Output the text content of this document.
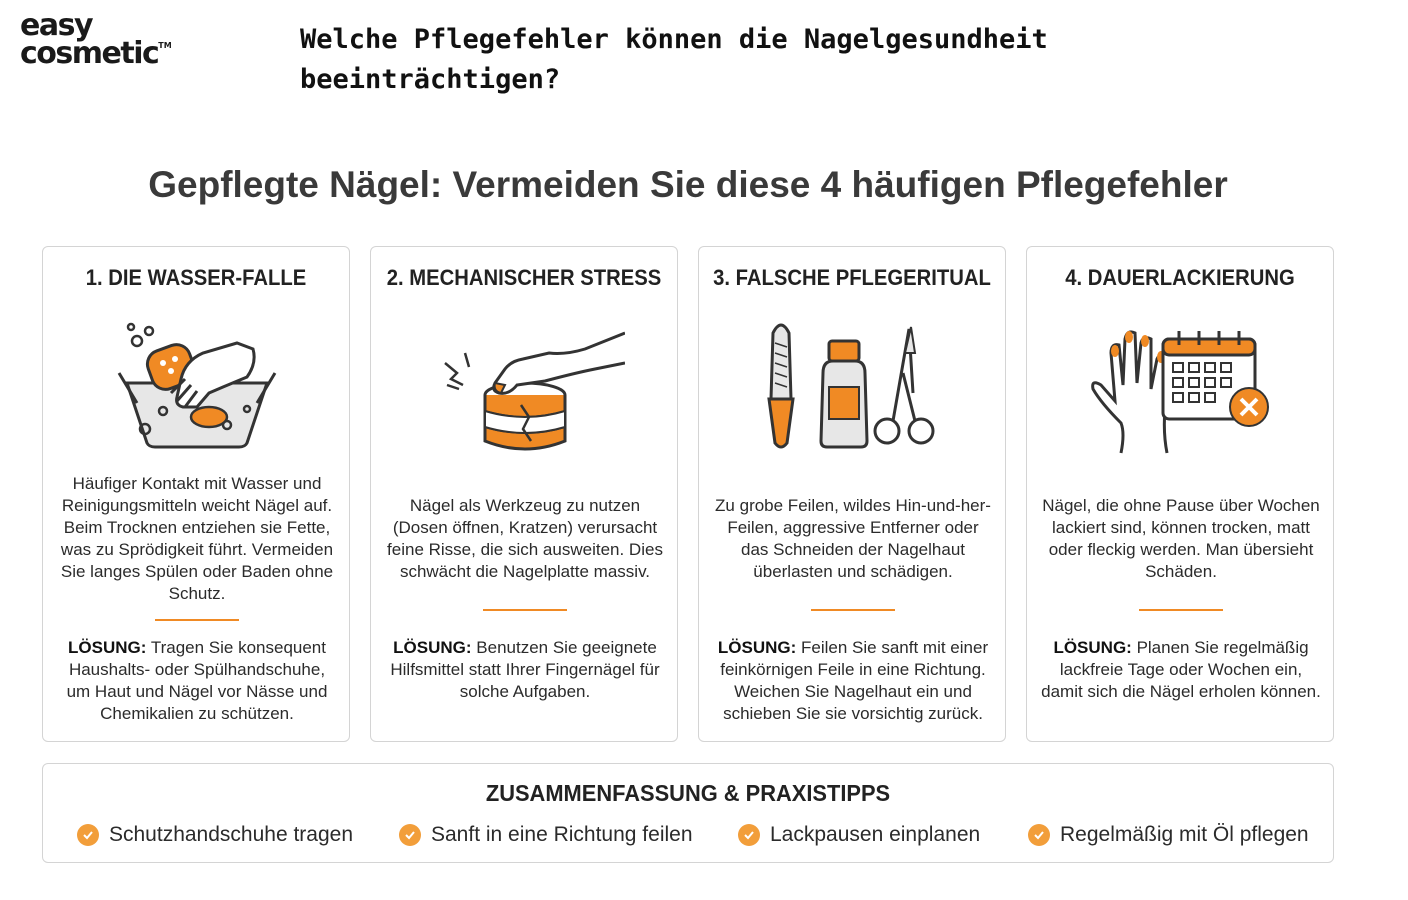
easy
cosmetic™	Welche Pflegefehler können die Nagelgesundheit beeinträchtigen?
Gepflegte Nägel: Vermeiden Sie diese 4 häufigen Pflegefehler
1. DIE WASSER-FALLE
Häufiger Kontakt mit Wasser und Reinigungsmitteln weicht Nägel auf. Beim Trocknen entziehen sie Fette, was zu Sprödigkeit führt. Vermeiden Sie langes Spülen oder Baden ohne Schutz.
LÖSUNG: Tragen Sie konsequent Haushalts- oder Spülhandschuhe, um Haut und Nägel vor Nässe und Chemikalien zu schützen.
2. MECHANISCHER STRESS
Nägel als Werkzeug zu nutzen (Dosen öffnen, Kratzen) verursacht feine Risse, die sich ausweiten. Dies schwächt die Nagelplatte massiv.
LÖSUNG: Benutzen Sie geeignete Hilfsmittel statt Ihrer Fingernägel für solche Aufgaben.
3. FALSCHE PFLEGERITUAL
Zu grobe Feilen, wildes Hin-und-her-Feilen, aggressive Entferner oder das Schneiden der Nagelhaut überlasten und schädigen.
LÖSUNG: Feilen Sie sanft mit einer feinkörnigen Feile in eine Richtung. Weichen Sie Nagelhaut ein und schieben Sie sie vorsichtig zurück.
4. DAUERLACKIERUNG
Nägel, die ohne Pause über Wochen lackiert sind, können trocken, matt oder fleckig werden. Man übersieht Schäden.
LÖSUNG: Planen Sie regelmäßig lackfreie Tage oder Wochen ein, damit sich die Nägel erholen können.
ZUSAMMENFASSUNG & PRAXISTIPPS
Schutzhandschuhe tragen	Sanft in eine Richtung feilen	Lackpausen einplanen	Regelmäßig mit Öl pflegen
